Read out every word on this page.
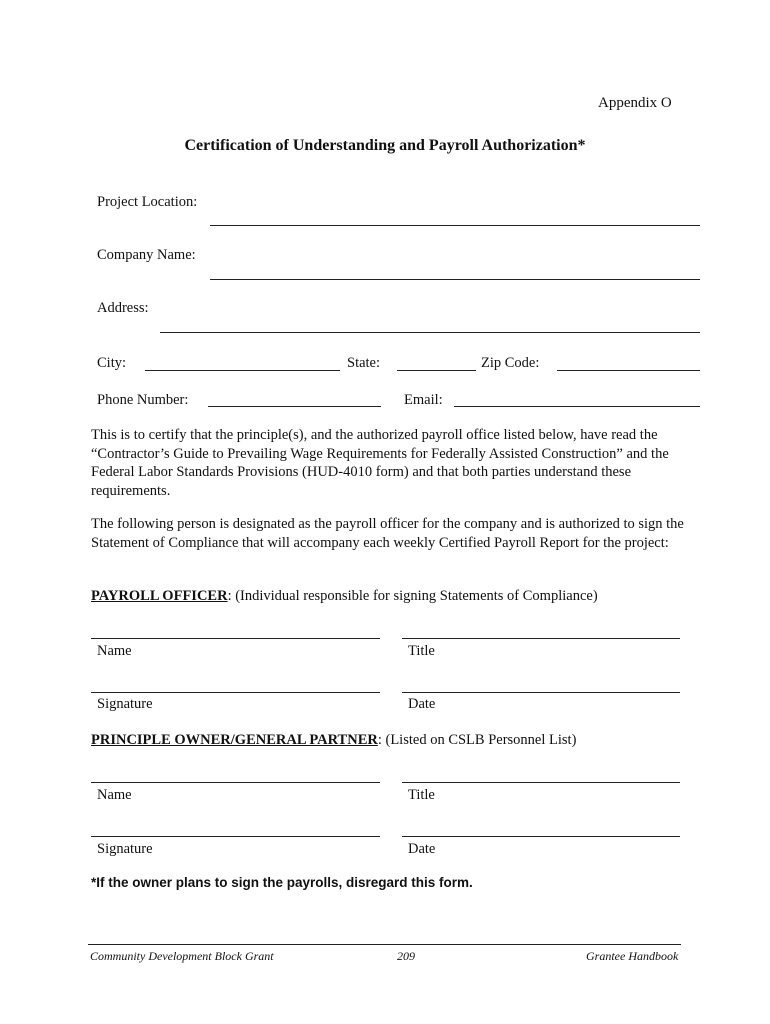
Appendix O
Certification of Understanding and Payroll Authorization*
Project Location:
Company Name:
Address:
City:	State:	Zip Code:
Phone Number:	Email:
This is to certify that the principle(s), and the authorized payroll office listed below, have read the “Contractor’s Guide to Prevailing Wage Requirements for Federally Assisted Construction” and the Federal Labor Standards Provisions (HUD-4010 form) and that both parties understand these requirements.
The following person is designated as the payroll officer for the company and is authorized to sign the Statement of Compliance that will accompany each weekly Certified Payroll Report for the project:
PAYROLL OFFICER: (Individual responsible for signing Statements of Compliance)
Name	Title
Signature	Date
PRINCIPLE OWNER/GENERAL PARTNER: (Listed on CSLB Personnel List)
Name	Title
Signature	Date
*If the owner plans to sign the payrolls, disregard this form.
Community Development Block Grant	209	Grantee Handbook
